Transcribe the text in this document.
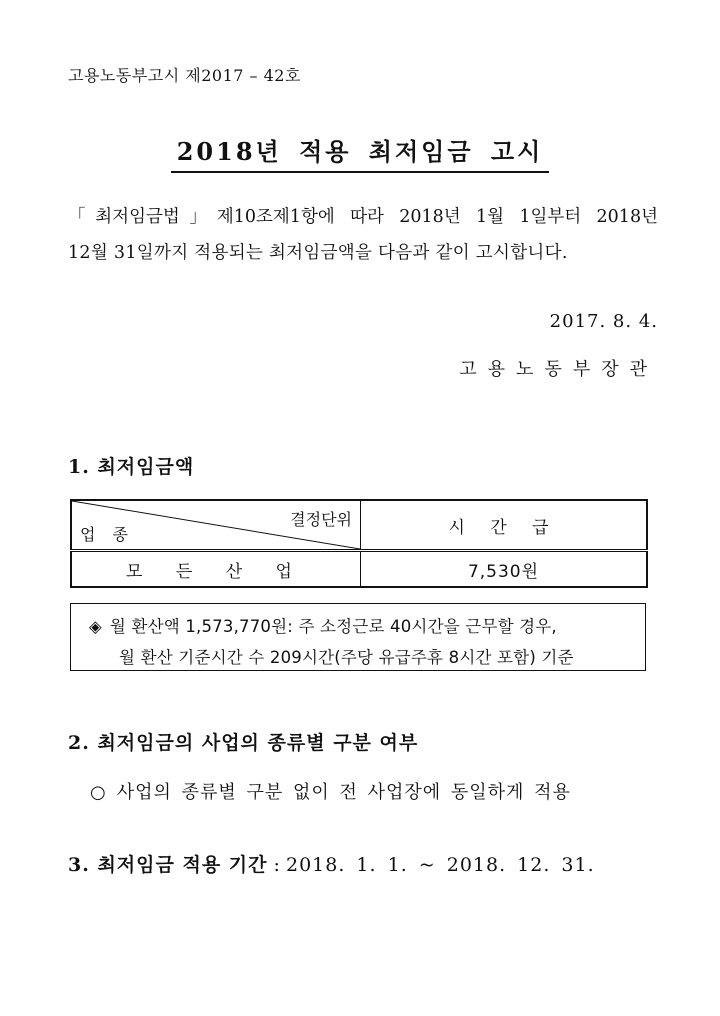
고용노동부고시 제2017 – 42호
2018년 적용 최저임금 고시
「최저임금법」제10조제1항에 따라 2018년 1월 1일부터 2018년
12월 31일까지 적용되는 최저임금액을 다음과 같이 고시합니다.
2017. 8. 4.
고용노동부장관
1. 최저임금액
결정단위
업 종	시 간 급
모 든 산 업	7,530원
◈ 월 환산액 1,573,770원: 주 소정근로 40시간을 근무할 경우,
월 환산 기준시간 수 209시간(주당 유급주휴 8시간 포함) 기준
2. 최저임금의 사업의 종류별 구분 여부
○ 사업의 종류별 구분 없이 전 사업장에 동일하게 적용
3. 최저임금 적용 기간 : 2018. 1. 1. ~ 2018. 12. 31.
